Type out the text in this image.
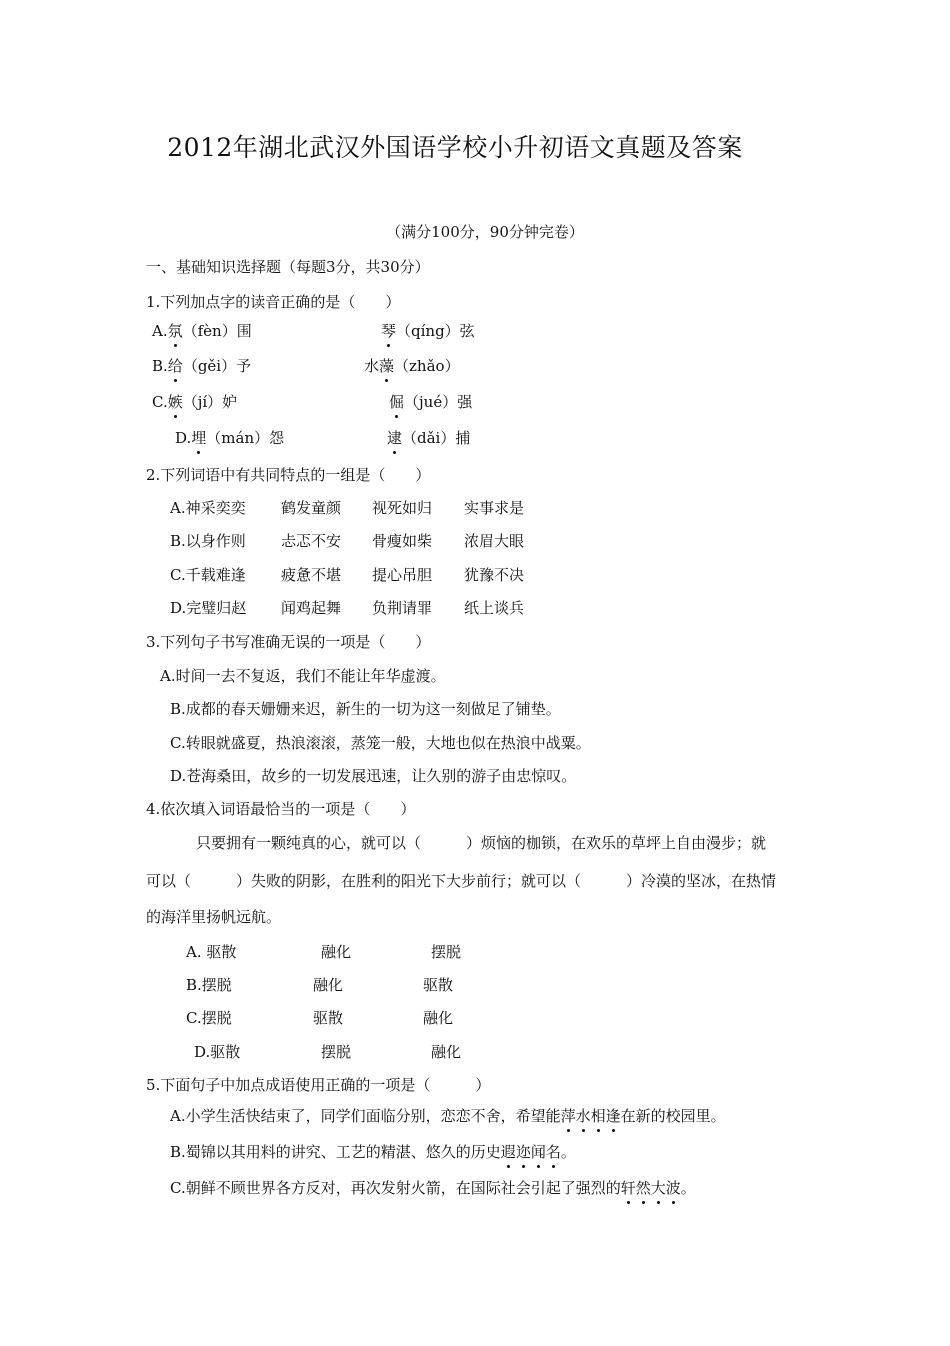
2012年湖北武汉外国语学校小升初语文真题及答案
（满分100分，90分钟完卷）
一、基础知识选择题（每题3分，共30分）
1.下列加点字的读音正确的是（　　）
A.氛（fèn）围	琴（qíng）弦
B.给（gěi）予	水藻（zhǎo）
C.嫉（jí）妒	倔（jué）强
D.埋（mán）怨	逮（dǎi）捕
2.下列词语中有共同特点的一组是（　　）
A.神采奕奕 鹤发童颜 视死如归 实事求是
B.以身作则 忐忑不安 骨瘦如柴 浓眉大眼
C.千载难逢 疲惫不堪 提心吊胆 犹豫不决
D.完璧归赵 闻鸡起舞 负荆请罪 纸上谈兵
3.下列句子书写准确无误的一项是（　　）
A.时间一去不复返，我们不能让年华虚渡。
B.成都的春天姗姗来迟，新生的一切为这一刻做足了铺垫。
C.转眼就盛夏，热浪滚滚，蒸笼一般，大地也似在热浪中战粟。
D.苍海桑田，故乡的一切发展迅速，让久别的游子由忠惊叹。
4.依次填入词语最恰当的一项是（　　）
只要拥有一颗纯真的心，就可以（　　　）烦恼的枷锁，在欢乐的草坪上自由漫步；就
可以（　　　）失败的阴影，在胜利的阳光下大步前行；就可以（　　　）冷漠的坚冰，在热情
的海洋里扬帆远航。
A. 驱散	融化	摆脱
B.摆脱	融化	驱散
C.摆脱	驱散	融化
D.驱散	摆脱	融化
5.下面句子中加点成语使用正确的一项是（　　　）
A.小学生活快结束了，同学们面临分别，恋恋不舍，希望能萍水相逢在新的校园里。
B.蜀锦以其用料的讲究、工艺的精湛、悠久的历史遐迩闻名。
C.朝鲜不顾世界各方反对，再次发射火箭，在国际社会引起了强烈的轩然大波。
